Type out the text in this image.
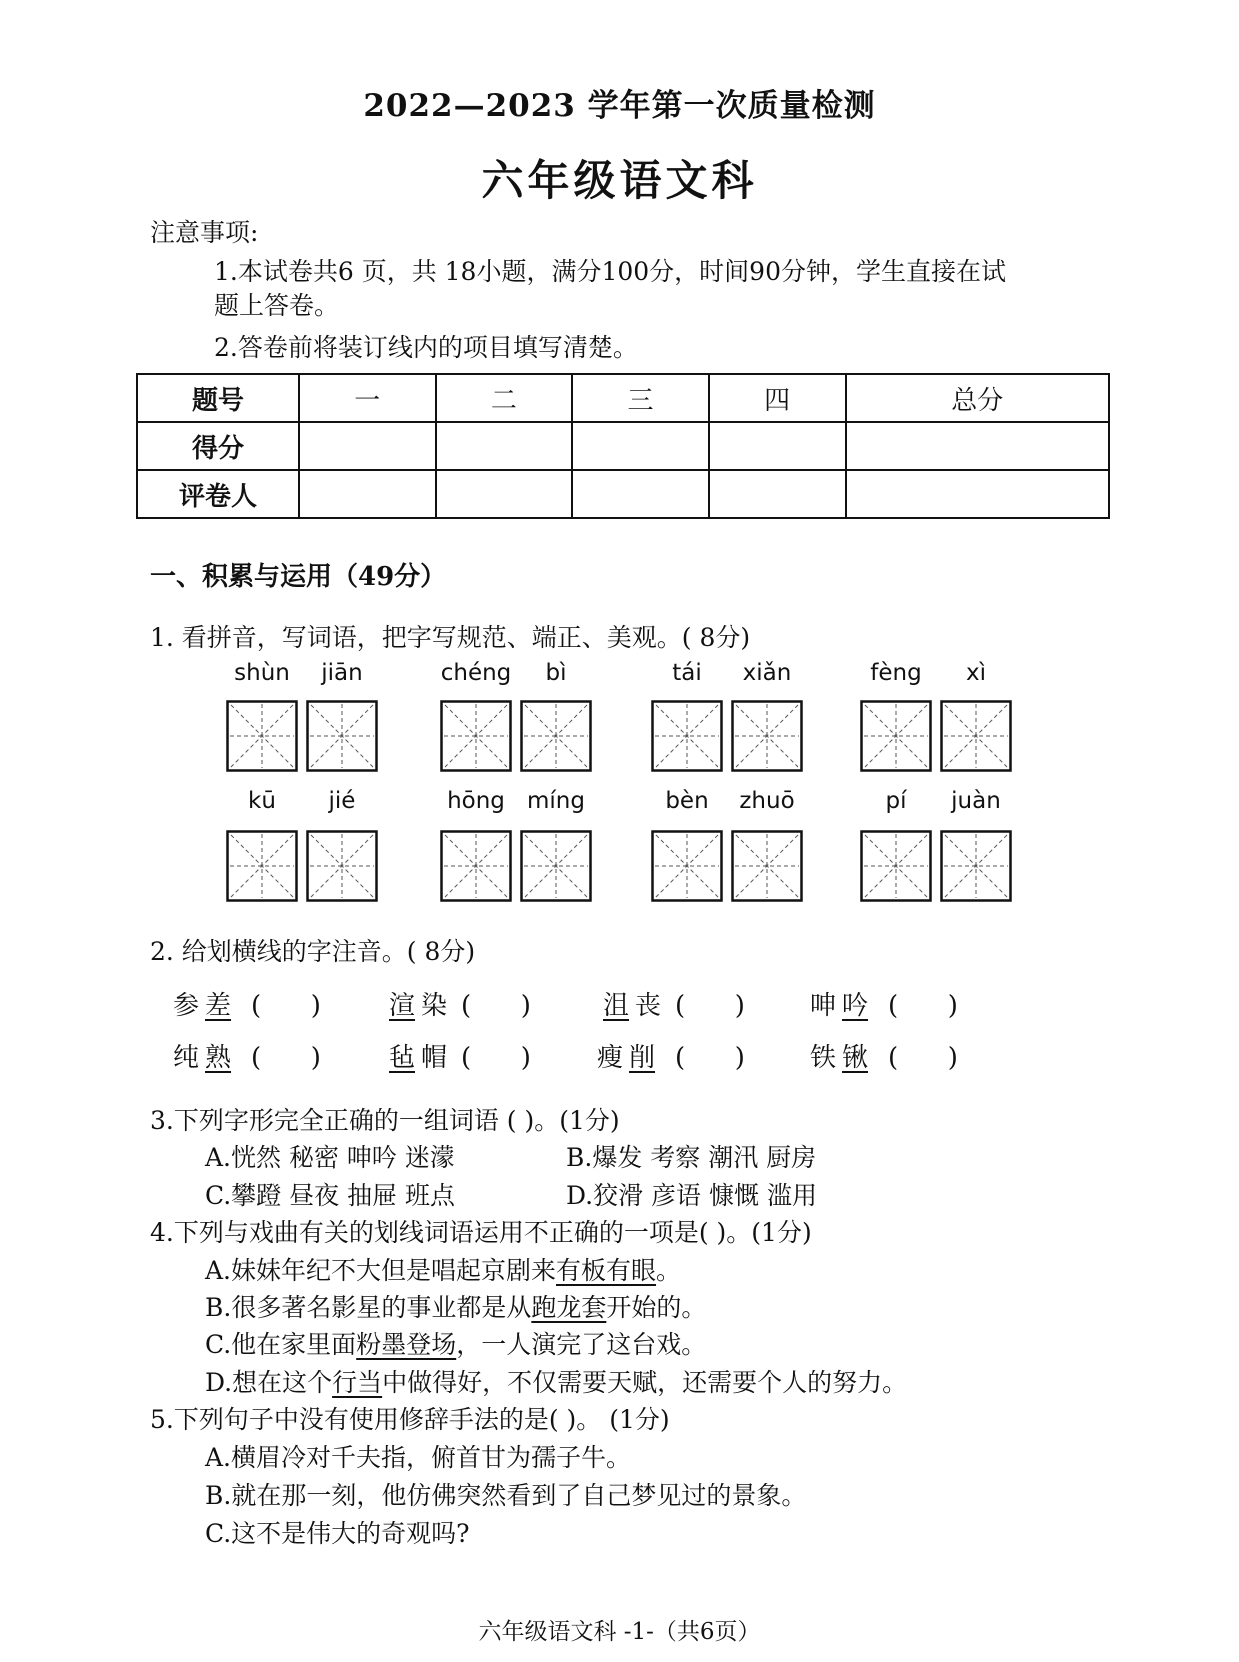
2022—2023 学年第一次质量检测
六年级语文科
注意事项:
1.本试卷共6 页，共 18小题，满分100分，时间90分钟，学生直接在试
题上答卷。
2.答卷前将装订线内的项目填写清楚。
题号	一	二	三	四	总分
得分					
评卷人					
一、积累与运用（49分）
1. 看拼音，写词语，把字写规范、端正、美观。( 8分)
shùn	jiān	chéng	bì	tái	xiǎn	fèng	xì
kū	jié	hōng míng	bèn	zhuō	pí	juàn
2. 给划横线的字注音。( 8分)
参 差 (      )	渲 染 (      )	沮 丧 (      )	呻 吟 (      )
纯 熟 (      )	毡 帽 (      )	瘦 削 (      )	铁 锹 (      )
3.下列字形完全正确的一组词语 ( )。(1分)
A.恍然 秘密 呻吟 迷濛	B.爆发 考察 潮汛 厨房
C.攀蹬 昼夜 抽屉 班点	D.狡滑 彦语 慷慨 滥用
4.下列与戏曲有关的划线词语运用不正确的一项是( )。(1分)
A.妹妹年纪不大但是唱起京剧来有板有眼。
B.很多著名影星的事业都是从跑龙套开始的。
C.他在家里面粉墨登场，一人演完了这台戏。
D.想在这个行当中做得好，不仅需要天赋，还需要个人的努力。
5.下列句子中没有使用修辞手法的是( )。 (1分)
A.横眉冷对千夫指，俯首甘为孺子牛。
B.就在那一刻，他仿佛突然看到了自己梦见过的景象。
C.这不是伟大的奇观吗?
六年级语文科 -1-（共6页）
